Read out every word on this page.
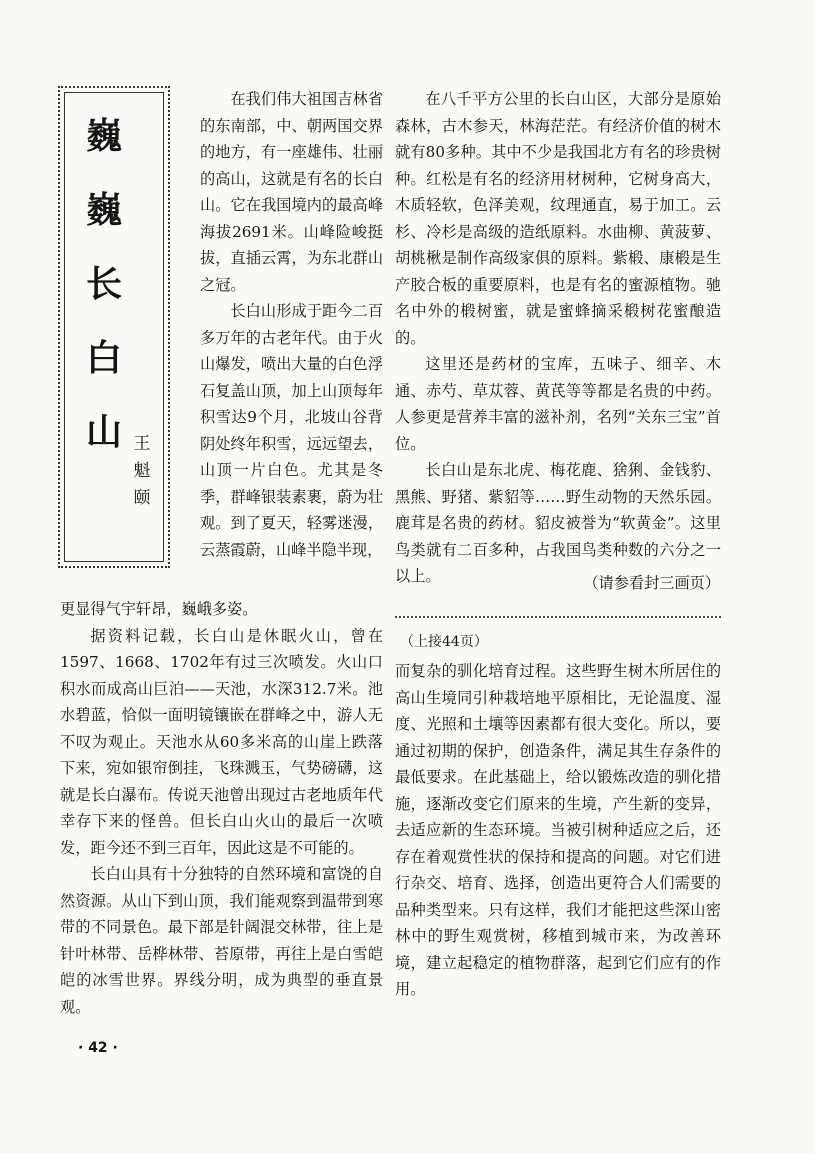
巍
巍
长
白
山 王
魁
颐

在我们伟大祖国吉林省的东南部，中、朝两国交界的地方，有一座雄伟、壮丽的高山，这就是有名的长白山。它在我国境内的最高峰海拔2691米。山峰险峻挺拔，直插云霄，为东北群山之冠。

长白山形成于距今二百多万年的古老年代。由于火山爆发，喷出大量的白色浮石复盖山顶，加上山顶每年积雪达9个月，北坡山谷背阴处终年积雪，远远望去，山顶一片白色。尤其是冬季，群峰银装素裹，蔚为壮观。到了夏天，轻雾迷漫，云蒸霞蔚，山峰半隐半现，

更显得气宇轩昂，巍峨多姿。

据资料记载，长白山是休眠火山，曾在1597、1668、1702年有过三次喷发。火山口积水而成高山巨泊——天池，水深312.7米。池水碧蓝，恰似一面明镜镶嵌在群峰之中，游人无不叹为观止。天池水从60多米高的山崖上跌落下来，宛如银帘倒挂，飞珠溅玉，气势磅礴，这就是长白瀑布。传说天池曾出现过古老地质年代幸存下来的怪兽。但长白山火山的最后一次喷发，距今还不到三百年，因此这是不可能的。

长白山具有十分独特的自然环境和富饶的自然资源。从山下到山顶，我们能观察到温带到寒带的不同景色。最下部是针阔混交林带，往上是针叶林带、岳桦林带、苔原带，再往上是白雪皑皑的冰雪世界。界线分明，成为典型的垂直景观。

在八千平方公里的长白山区，大部分是原始森林，古木参天，林海茫茫。有经济价值的树木就有80多种。其中不少是我国北方有名的珍贵树种。红松是有名的经济用材树种，它树身高大，木质轻软，色泽美观，纹理通直，易于加工。云杉、冷杉是高级的造纸原料。水曲柳、黄菠萝、胡桃楸是制作高级家俱的原料。紫椴、康椴是生产胶合板的重要原料，也是有名的蜜源植物。驰名中外的椴树蜜，就是蜜蜂摘采椴树花蜜酿造的。

这里还是药材的宝库，五味子、细辛、木通、赤芍、草苁蓉、黄芪等等都是名贵的中药。人参更是营养丰富的滋补剂，名列“关东三宝”首位。

长白山是东北虎、梅花鹿、猞猁、金钱豹、黑熊、野猪、紫貂等……野生动物的天然乐园。鹿茸是名贵的药材。貂皮被誉为“软黄金”。这里鸟类就有二百多种，占我国鸟类种数的六分之一以上。	（请参看封三画页）
（上接44页）

而复杂的驯化培育过程。这些野生树木所居住的高山生境同引种栽培地平原相比，无论温度、湿度、光照和土壤等因素都有很大变化。所以，要通过初期的保护，创造条件，满足其生存条件的最低要求。在此基础上，给以锻炼改造的驯化措施，逐渐改变它们原来的生境，产生新的变异，去适应新的生态环境。当被引树种适应之后，还存在着观赏性状的保持和提高的问题。对它们进行杂交、培育、选择，创造出更符合人们需要的品种类型来。只有这样，我们才能把这些深山密林中的野生观赏树，移植到城市来，为改善环境，建立起稳定的植物群落，起到它们应有的作用。

· 42 ·
